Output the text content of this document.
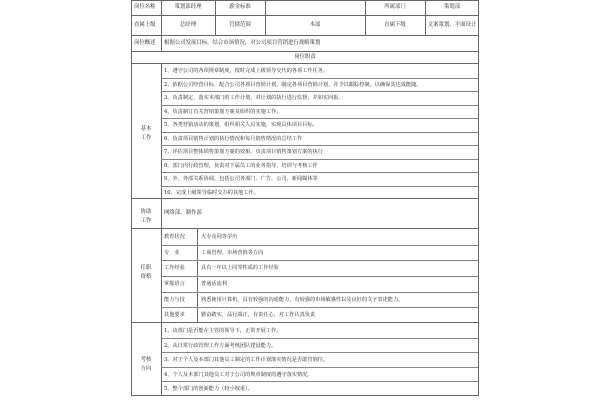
岗位名称	策划部经理	薪金标准	所属部门	策划部
直属上级	总经理	管辖范围	本部	直属下级	文案策划、平面设计
岗位概述	根据公司发展目标，结合市场情况，对公司项目营销进行战略策划
岗位职责
基本
工作
1、遵守公司的各项规章制度，按时完成上级领导交代的各项工作任务。
2、依据公司经营目标，配合公司各项目营销计划，制定各项目营销计划，并予以跟踪控制，以确保其达成能随。
3、负责制定、落实本部门的工作计划，对计划的执行进行监督，并如实回报。
4、负责制订有关营销策划方案及组织的实施工作。
5、各类营销活动的策划，组织相关人员实施，实现具体项目目标。
6、负责项目销售计划的执行情况和每月销售情况的总结工作
7、评估项目整体销售策划方案的效果，负责项目销售策划方案的执行
8、部门内行政管理，负责对下属员工的业务指导，培训与考核工作
9、外、外部关系协调，包括公司各部门、广告、公司、新闻媒体等
10、完成上级领导临时交办的其他工作。
协助
工作
网络部、制作部
任职
资格
教育状况	大专及同等学历
专　业	工商管理、市场营销等方向
工作经验	具有一年以上同等性质的工作经验
掌握语言	普通话流利
能力与技	熟悉使用计算机，具有较强的沟通能力，有较强的市场敏感性以及良好的文字表述能力。
其他要求	勤奋踏实，品行端正，有责任心，对工作认真负责
考核
方向
1、该部门是否能在主管的领导下，正常开展工作。
2、从日常行政管理工作方面考核团队建设能力。
3、对于个人及本部门其他员工制定的工作计划落实情况是否敢管到位。
4、个人及本部门其他员工对于公司的规章制度的遵守落实情况。
5、整个部门的创新能力（较小权重）。
